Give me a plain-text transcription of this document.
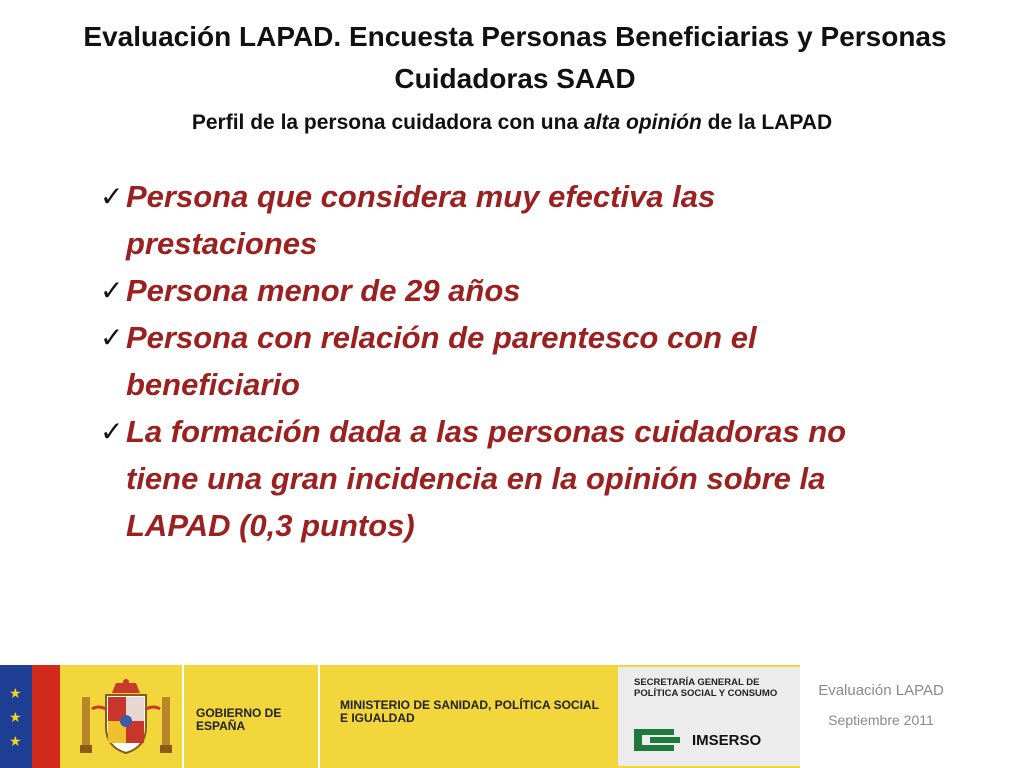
Evaluación LAPAD. Encuesta Personas Beneficiarias y Personas Cuidadoras SAAD
Perfil de la persona cuidadora con una alta opinión de la LAPAD
✓ Persona que considera muy efectiva las prestaciones
✓ Persona menor de 29 años
✓ Persona con relación de parentesco con el beneficiario
✓ La formación dada a las personas cuidadoras no tiene una gran incidencia en la opinión sobre la LAPAD (0,3 puntos)
★
★
★
GOBIERNO DE ESPAÑA
MINISTERIO DE SANIDAD, POLÍTICA SOCIAL E IGUALDAD
SECRETARÍA GENERAL DE POLÍTICA SOCIAL Y CONSUMO
IMSERSO
Evaluación LAPAD
Septiembre 2011
